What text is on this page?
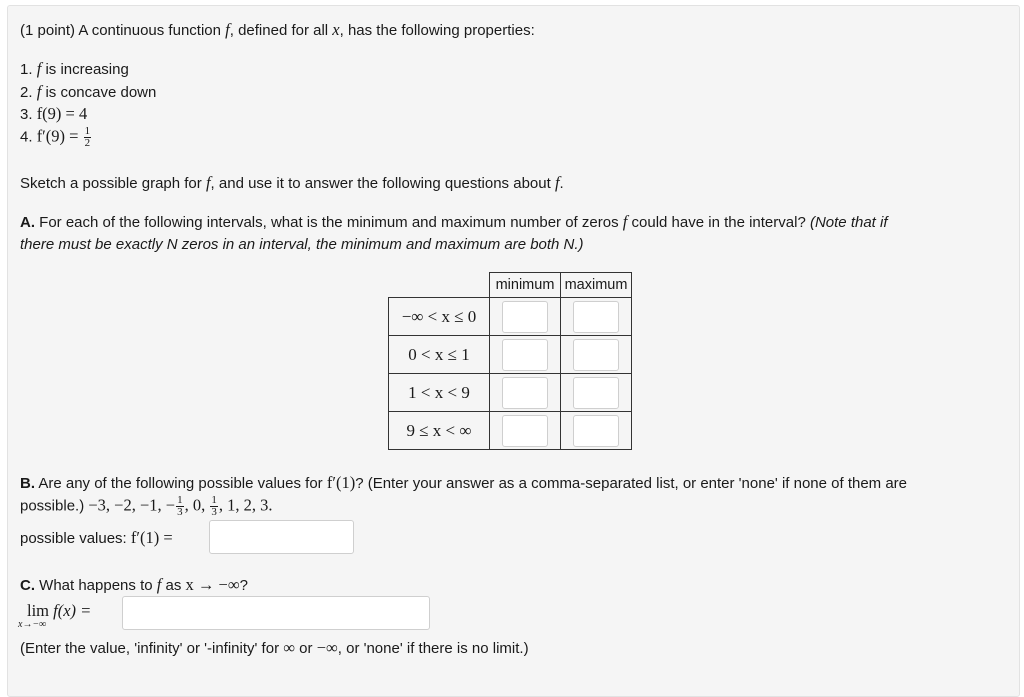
(1 point) A continuous function f, defined for all x, has the following properties:
1. f is increasing
2. f is concave down
3. f(9) = 4
4. $f'(9) = \frac{1}{2}$
Sketch a possible graph for f, and use it to answer the following questions about f.
A. For each of the following intervals, what is the minimum and maximum number of zeros f could have in the interval? (Note that if
there must be exactly N zeros in an interval, the minimum and maximum are both N.)
	minimum	maximum
−∞ < x ≤ 0		
0 < x ≤ 1		
1 < x < 9		
9 ≤ x < ∞		
B. Are any of the following possible values for f′(1)? (Enter your answer as a comma-separated list, or enter 'none' if none of them are
possible.) −3, −2, −1, − $\frac{1}{3}$ , 0, $\frac{1}{3}$ , 1, 2, 3.
possible values: f′(1) =
C. What happens to f as x → −∞?
lim f(x) =
x→−∞
(Enter the value, 'infinity' or '-infinity' for ∞ or −∞, or 'none' if there is no limit.)
